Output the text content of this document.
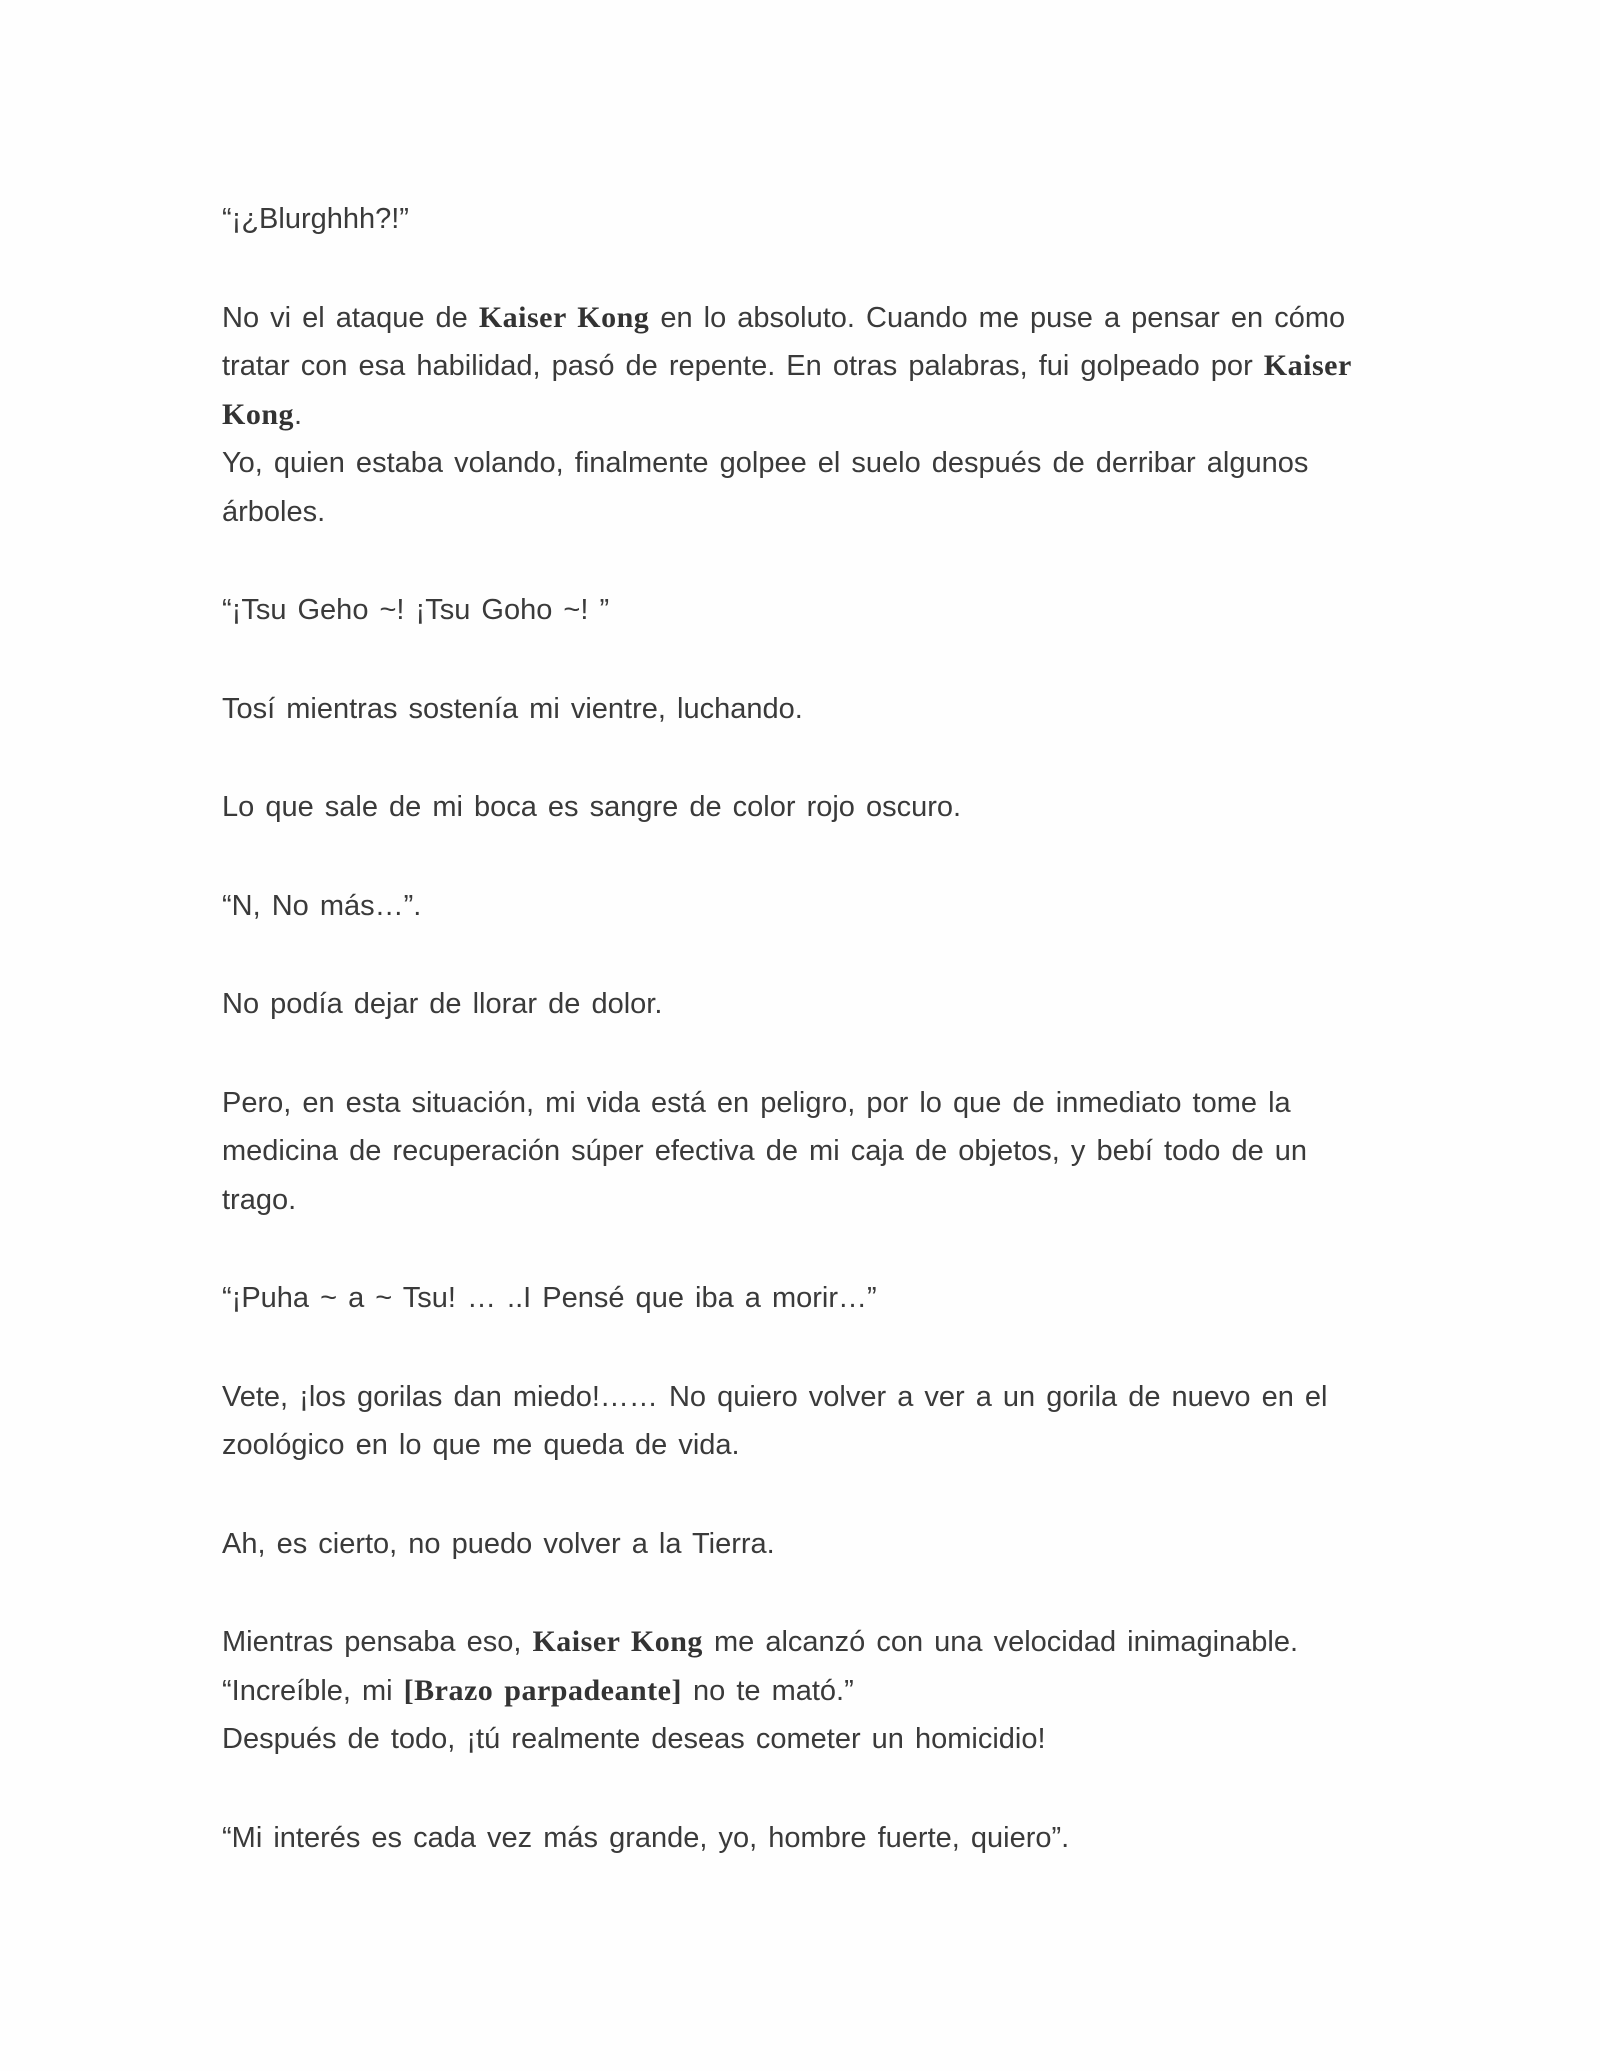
“¡¿Blurghhh?!”

No vi el ataque de Kaiser Kong en lo absoluto. Cuando me puse a pensar en cómo tratar con esa habilidad, pasó de repente. En otras palabras, fui golpeado por Kaiser Kong.

Yo, quien estaba volando, finalmente golpee el suelo después de derribar algunos árboles.

“¡Tsu Geho ~! ¡Tsu Goho ~! ”

Tosí mientras sostenía mi vientre, luchando.

Lo que sale de mi boca es sangre de color rojo oscuro.

“N, No más…”.

No podía dejar de llorar de dolor.

Pero, en esta situación, mi vida está en peligro, por lo que de inmediato tome la medicina de recuperación súper efectiva de mi caja de objetos, y bebí todo de un trago.

“¡Puha ~ a ~ Tsu! … ..I Pensé que iba a morir…”

Vete, ¡los gorilas dan miedo!…… No quiero volver a ver a un gorila de nuevo en el zoológico en lo que me queda de vida.

Ah, es cierto, no puedo volver a la Tierra.

Mientras pensaba eso, Kaiser Kong me alcanzó con una velocidad inimaginable.

“Increíble, mi [Brazo parpadeante] no te mató.”

Después de todo, ¡tú realmente deseas cometer un homicidio!

“Mi interés es cada vez más grande, yo, hombre fuerte, quiero”.
